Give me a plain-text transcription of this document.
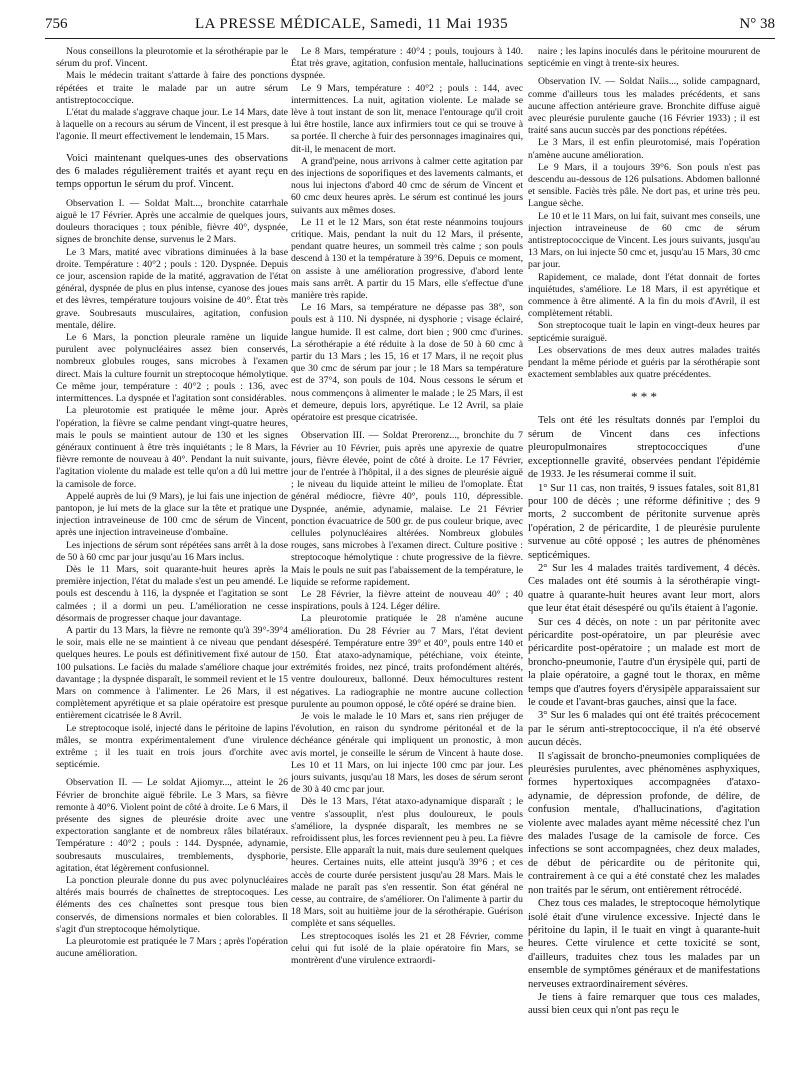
756	LA PRESSE MÉDICALE, Samedi, 11 Mai 1935	N° 38

Nous conseillons la pleurotomie et la sérothérapie par le sérum du prof. Vincent.

Mais le médecin traitant s'attarde à faire des ponctions répétées et traite le malade par un autre sérum antistreptococcique.

L'état du malade s'aggrave chaque jour. Le 14 Mars, date à laquelle on a recours au sérum de Vincent, il est presque à l'agonie. Il meurt effectivement le lendemain, 15 Mars.

Voici maintenant quelques-unes des observations des 6 malades régulièrement traités et ayant reçu en temps opportun le sérum du prof. Vincent.

Observation I. — Soldat Malt..., bronchite catarrhale aiguë le 17 Février. Après une accalmie de quelques jours, douleurs thoraciques ; toux pénible, fièvre 40°, dyspnée, signes de bronchite dense, survenus le 2 Mars.

Le 3 Mars, matité avec vibrations diminuées à la base droite. Température : 40°2 ; pouls : 120. Dyspnée. Depuis ce jour, ascension rapide de la matité, aggravation de l'état général, dyspnée de plus en plus intense, cyanose des joues et des lèvres, température toujours voisine de 40°. État très grave. Soubresauts musculaires, agitation, confusion mentale, délire.

Le 6 Mars, la ponction pleurale ramène un liquide purulent avec polynucléaires assez bien conservés, nombreux globules rouges, sans microbes à l'examen direct. Mais la culture fournit un streptocoque hémolytique. Ce même jour, température : 40°2 ; pouls : 136, avec intermittences. La dyspnée et l'agitation sont considérables.

La pleurotomie est pratiquée le même jour. Après l'opération, la fièvre se calme pendant vingt-quatre heures, mais le pouls se maintient autour de 130 et les signes généraux continuent à être très inquiétants ; le 8 Mars, la fièvre remonte de nouveau à 40°. Pendant la nuit suivante, l'agitation violente du malade est telle qu'on a dû lui mettre la camisole de force.

Appelé auprès de lui (9 Mars), je lui fais une injection de pantopon, je lui mets de la glace sur la tête et pratique une injection intraveineuse de 100 cmc de sérum de Vincent, après une injection intraveineuse d'ombaïne.

Les injections de sérum sont répétées sans arrêt à la dose de 50 à 60 cmc par jour jusqu'au 16 Mars inclus.

Dès le 11 Mars, soit quarante-huit heures après la première injection, l'état du malade s'est un peu amendé. Le pouls est descendu à 116, la dyspnée et l'agitation se sont calmées ; il a dormi un peu. L'amélioration ne cesse désormais de progresser chaque jour davantage.

A partir du 13 Mars, la fièvre ne remonte qu'à 39°-39°4 le soir, mais elle ne se maintient à ce niveau que pendant quelques heures. Le pouls est définitivement fixé autour de 100 pulsations. Le faciès du malade s'améliore chaque jour davantage ; la dyspnée disparaît, le sommeil revient et le 15 Mars on commence à l'alimenter. Le 26 Mars, il est complètement apyrétique et sa plaie opératoire est presque entièrement cicatrisée le 8 Avril.

Le streptocoque isolé, injecté dans le péritoine de lapins mâles, se montra expérimentalement d'une virulence extrême ; il les tuait en trois jours d'orchite avec septicémie.

Observation II. — Le soldat Ajiomyr..., atteint le 26 Février de bronchite aiguë fébrile. Le 3 Mars, sa fièvre remonte à 40°6. Violent point de côté à droite. Le 6 Mars, il présente des signes de pleurésie droite avec une expectoration sanglante et de nombreux râles bilatéraux. Température : 40°2 ; pouls : 144. Dyspnée, adynamie, soubresauts musculaires, tremblements, dysphorie, agitation, état légèrement confusionnel.

La ponction pleurale donne du pus avec polynucléaires altérés mais bourrés de chaînettes de streptocoques. Les éléments des ces chaînettes sont presque tous bien conservés, de dimensions normales et bien colorables. Il s'agit d'un streptocoque hémolytique.

La pleurotomie est pratiquée le 7 Mars ; après l'opération aucune amélioration.

Le 8 Mars, température : 40°4 ; pouls, toujours à 140. État très grave, agitation, confusion mentale, hallucinations dyspnée.

Le 9 Mars, température : 40°2 ; pouls : 144, avec intermittences. La nuit, agitation violente. Le malade se lève à tout instant de son lit, menace l'entourage qu'il croit lui être hostile, lance aux infirmiers tout ce qui se trouve à sa portée. Il cherche à fuir des personnages imaginaires qui, dit-il, le menacent de mort.

A grand'peine, nous arrivons à calmer cette agitation par des injections de soporifiques et des lavements calmants, et nous lui injectons d'abord 40 cmc de sérum de Vincent et 60 cmc deux heures après. Le sérum est continué les jours suivants aux mêmes doses.

Le 11 et le 12 Mars, son état reste néanmoins toujours critique. Mais, pendant la nuit du 12 Mars, il présente, pendant quatre heures, un sommeil très calme ; son pouls descend à 130 et la température à 39°6. Depuis ce moment, on assiste à une amélioration progressive, d'abord lente mais sans arrêt. A partir du 15 Mars, elle s'effectue d'une manière très rapide.

Le 16 Mars, sa température ne dépasse pas 38°, son pouls est à 110. Ni dyspnée, ni dysphorie ; visage éclairé, langue humide. Il est calme, dort bien ; 900 cmc d'urines. La sérothérapie a été réduite à la dose de 50 à 60 cmc à partir du 13 Mars ; les 15, 16 et 17 Mars, il ne reçoit plus que 30 cmc de sérum par jour ; le 18 Mars sa température est de 37°4, son pouls de 104. Nous cessons le sérum et nous commençons à alimenter le malade ; le 25 Mars, il est et demeure, depuis lors, apyrétique. Le 12 Avril, sa plaie opératoire est presque cicatrisée.

Observation III. — Soldat Prerorenz..., bronchite du 7 Février au 10 Février, puis après une apyrexie de quatre jours, fièvre élevée, point de côté à droite. Le 17 Février, jour de l'entrée à l'hôpital, il a des signes de pleurésie aiguë ; le niveau du liquide atteint le milieu de l'omoplate. État général médiocre, fièvre 40°, pouls 110, dépressible. Dyspnée, anémie, adynamie, malaise. Le 21 Février ponction évacuatrice de 500 gr. de pus couleur brique, avec cellules polynucléaires altérées. Nombreux globules rouges, sans microbes à l'examen direct. Culture positive : streptocoque hémolytique : chute progressive de la fièvre. Mais le pouls ne suit pas l'abaissement de la température, le liquide se reforme rapidement.

Le 28 Février, la fièvre atteint de nouveau 40° ; 40 inspirations, pouls à 124. Léger délire.

La pleurotomie pratiquée le 28 n'amène aucune amélioration. Du 28 Février au 7 Mars, l'état devient désespéré. Température entre 39° et 40°, pouls entre 140 et 150. État ataxo-adynamique, pétéchiane, voix éteinte, extrémités froides, nez pincé, traits profondément altérés, ventre douloureux, ballonné. Deux hémocultures restent négatives. La radiographie ne montre aucune collection purulente au poumon opposé, le côté opéré se draine bien.

Je vois le malade le 10 Mars et, sans rien préjuger de l'évolution, en raison du syndrome péritonéal et de la déchéance générale qui impliquent un pronostic, à mon avis mortel, je conseille le sérum de Vincent à haute dose. Les 10 et 11 Mars, on lui injecte 100 cmc par jour. Les jours suivants, jusqu'au 18 Mars, les doses de sérum seront de 30 à 40 cmc par jour.

Dès le 13 Mars, l'état ataxo-adynamique disparaît ; le ventre s'assouplit, n'est plus douloureux, le pouls s'améliore, la dyspnée disparaît, les membres ne se refroidissent plus, les forces reviennent peu à peu. La fièvre persiste. Elle apparaît la nuit, mais dure seulement quelques heures. Certaines nuits, elle atteint jusqu'à 39°6 ; et ces accès de courte durée persistent jusqu'au 28 Mars. Mais le malade ne paraît pas s'en ressentir. Son état général ne cesse, au contraire, de s'améliorer. On l'alimente à partir du 18 Mars, soit au huitième jour de la sérothérapie. Guérison complète et sans séquelles.

Les streptocoques isolés les 21 et 28 Février, comme celui qui fut isolé de la plaie opératoire fin Mars, se montrèrent d'une virulence extraordi-

naire ; les lapins inoculés dans le péritoine moururent de septicémie en vingt à trente-six heures.

Observation IV. — Soldat Naïis..., solide campagnard, comme d'ailleurs tous les malades précédents, et sans aucune affection antérieure grave. Bronchite diffuse aiguë avec pleurésie purulente gauche (16 Février 1933) ; il est traité sans aucun succès par des ponctions répétées.

Le 3 Mars, il est enfin pleurotomisé, mais l'opération n'amène aucune amélioration.

Le 9 Mars, il a toujours 39°6. Son pouls n'est pas descendu au-dessous de 126 pulsations. Abdomen ballonné et sensible. Faciès très pâle. Ne dort pas, et urine très peu. Langue sèche.

Le 10 et le 11 Mars, on lui fait, suivant mes conseils, une injection intraveineuse de 60 cmc de sérum antistreptococcique de Vincent. Les jours suivants, jusqu'au 13 Mars, on lui injecte 50 cmc et, jusqu'au 15 Mars, 30 cmc par jour.

Rapidement, ce malade, dont l'état donnait de fortes inquiétudes, s'améliore. Le 18 Mars, il est apyrétique et commence à être alimenté. A la fin du mois d'Avril, il est complètement rétabli.

Son streptocoque tuait le lapin en vingt-deux heures par septicémie suraiguë.

Les observations de mes deux autres malades traités pendant la même période et guéris par la sérothérapie sont exactement semblables aux quatre précédentes.

* * *

Tels ont été les résultats donnés par l'emploi du sérum de Vincent dans ces infections pleuropulmonaires streptococciques d'une exceptionnelle gravité, observées pendant l'épidémie de 1933. Je les résumerai comme il suit.

1° Sur 11 cas, non traités, 9 issues fatales, soit 81,81 pour 100 de décès ; une réforme définitive ; des 9 morts, 2 succombent de péritonite survenue après l'opération, 2 de péricardite, 1 de pleurésie purulente survenue au côté opposé ; les autres de phénomènes septicémiques.

2° Sur les 4 malades traités tardivement, 4 décès. Ces malades ont été soumis à la sérothérapie vingt-quatre à quarante-huit heures avant leur mort, alors que leur état était désespéré ou qu'ils étaient à l'agonie.

Sur ces 4 décès, on note : un par péritonite avec péricardite post-opératoire, un par pleurésie avec péricardite post-opératoire ; un malade est mort de broncho-pneumonie, l'autre d'un érysipèle qui, parti de la plaie opératoire, a gagné tout le thorax, en même temps que d'autres foyers d'érysipèle apparaissaient sur le coude et l'avant-bras gauches, ainsi que la face.

3° Sur les 6 malades qui ont été traités précocement par le sérum anti-streptococcique, il n'a été observé aucun décès.

Il s'agissait de broncho-pneumonies compliquées de pleurésies purulentes, avec phénomènes asphyxiques, formes hypertoxiques accompagnées d'ataxo-adynamie, de dépression profonde, de délire, de confusion mentale, d'hallucinations, d'agitation violente avec malades ayant même nécessité chez l'un des malades l'usage de la camisole de force. Ces infections se sont accompagnées, chez deux malades, de début de péricardite ou de péritonite qui, contrairement à ce qui a été constaté chez les malades non traités par le sérum, ont entièrement rétrocédé.

Chez tous ces malades, le streptocoque hémolytique isolé était d'une virulence excessive. Injecté dans le péritoine du lapin, il le tuait en vingt à quarante-huit heures. Cette virulence et cette toxicité se sont, d'ailleurs, traduites chez tous les malades par un ensemble de symptômes généraux et de manifestations nerveuses extraordinairement sévères.

Je tiens à faire remarquer que tous ces malades, aussi bien ceux qui n'ont pas reçu le
